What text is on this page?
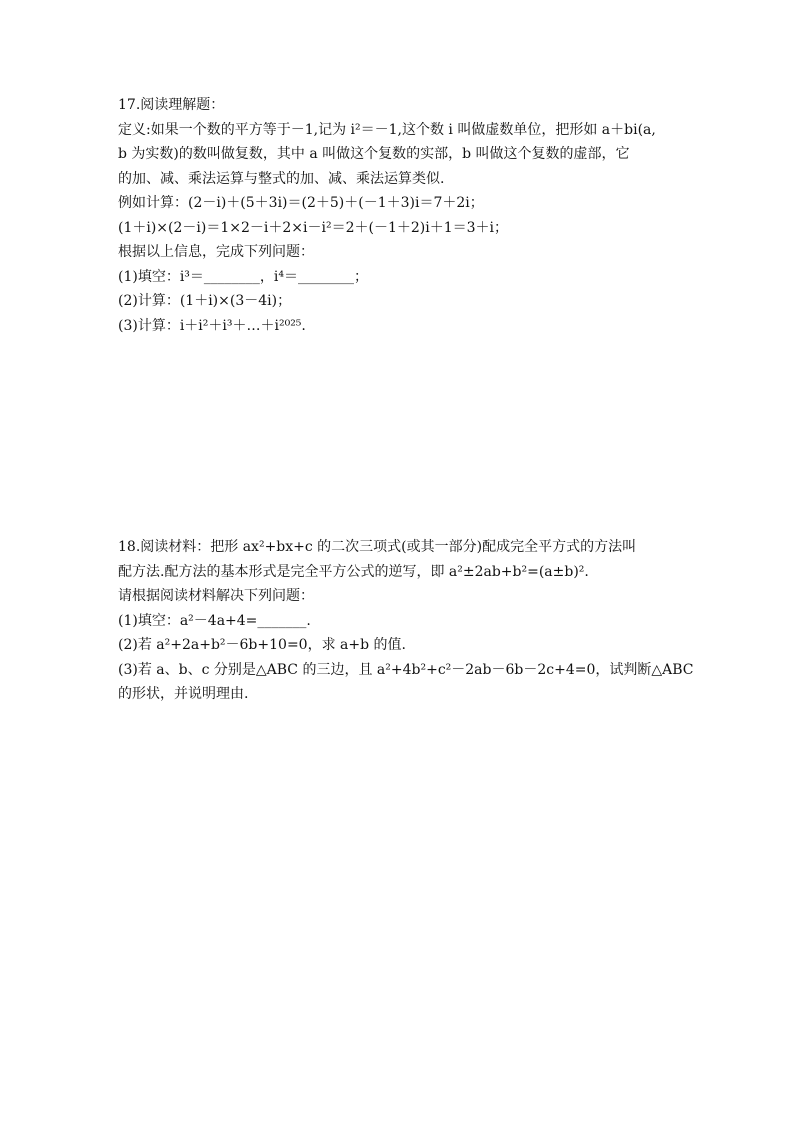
17.阅读理解题：
定义:如果一个数的平方等于－1,记为 i²＝－1,这个数 i 叫做虚数单位，把形如 a＋bi(a,
b 为实数)的数叫做复数，其中 a 叫做这个复数的实部，b 叫做这个复数的虚部，它
的加、减、乘法运算与整式的加、减、乘法运算类似.
例如计算：(2－i)＋(5＋3i)＝(2＋5)＋(－1＋3)i＝7＋2i；
(1＋i)×(2－i)＝1×2－i＋2×i－i²＝2＋(－1＋2)i＋1＝3＋i；
根据以上信息，完成下列问题：
(1)填空：i³＝________，i⁴＝________；
(2)计算：(1＋i)×(3－4i)；
(3)计算：i＋i²＋i³＋…＋i²⁰²⁵.
18.阅读材料：把形 ax²+bx+c 的二次三项式(或其一部分)配成完全平方式的方法叫
配方法.配方法的基本形式是完全平方公式的逆写，即 a²±2ab+b²=(a±b)².
请根据阅读材料解决下列问题：
(1)填空：a²－4a+4=_______.
(2)若 a²+2a+b²－6b+10=0，求 a+b 的值.
(3)若 a、b、c 分别是△ABC 的三边，且 a²+4b²+c²－2ab－6b－2c+4=0，试判断△ABC
的形状，并说明理由.
